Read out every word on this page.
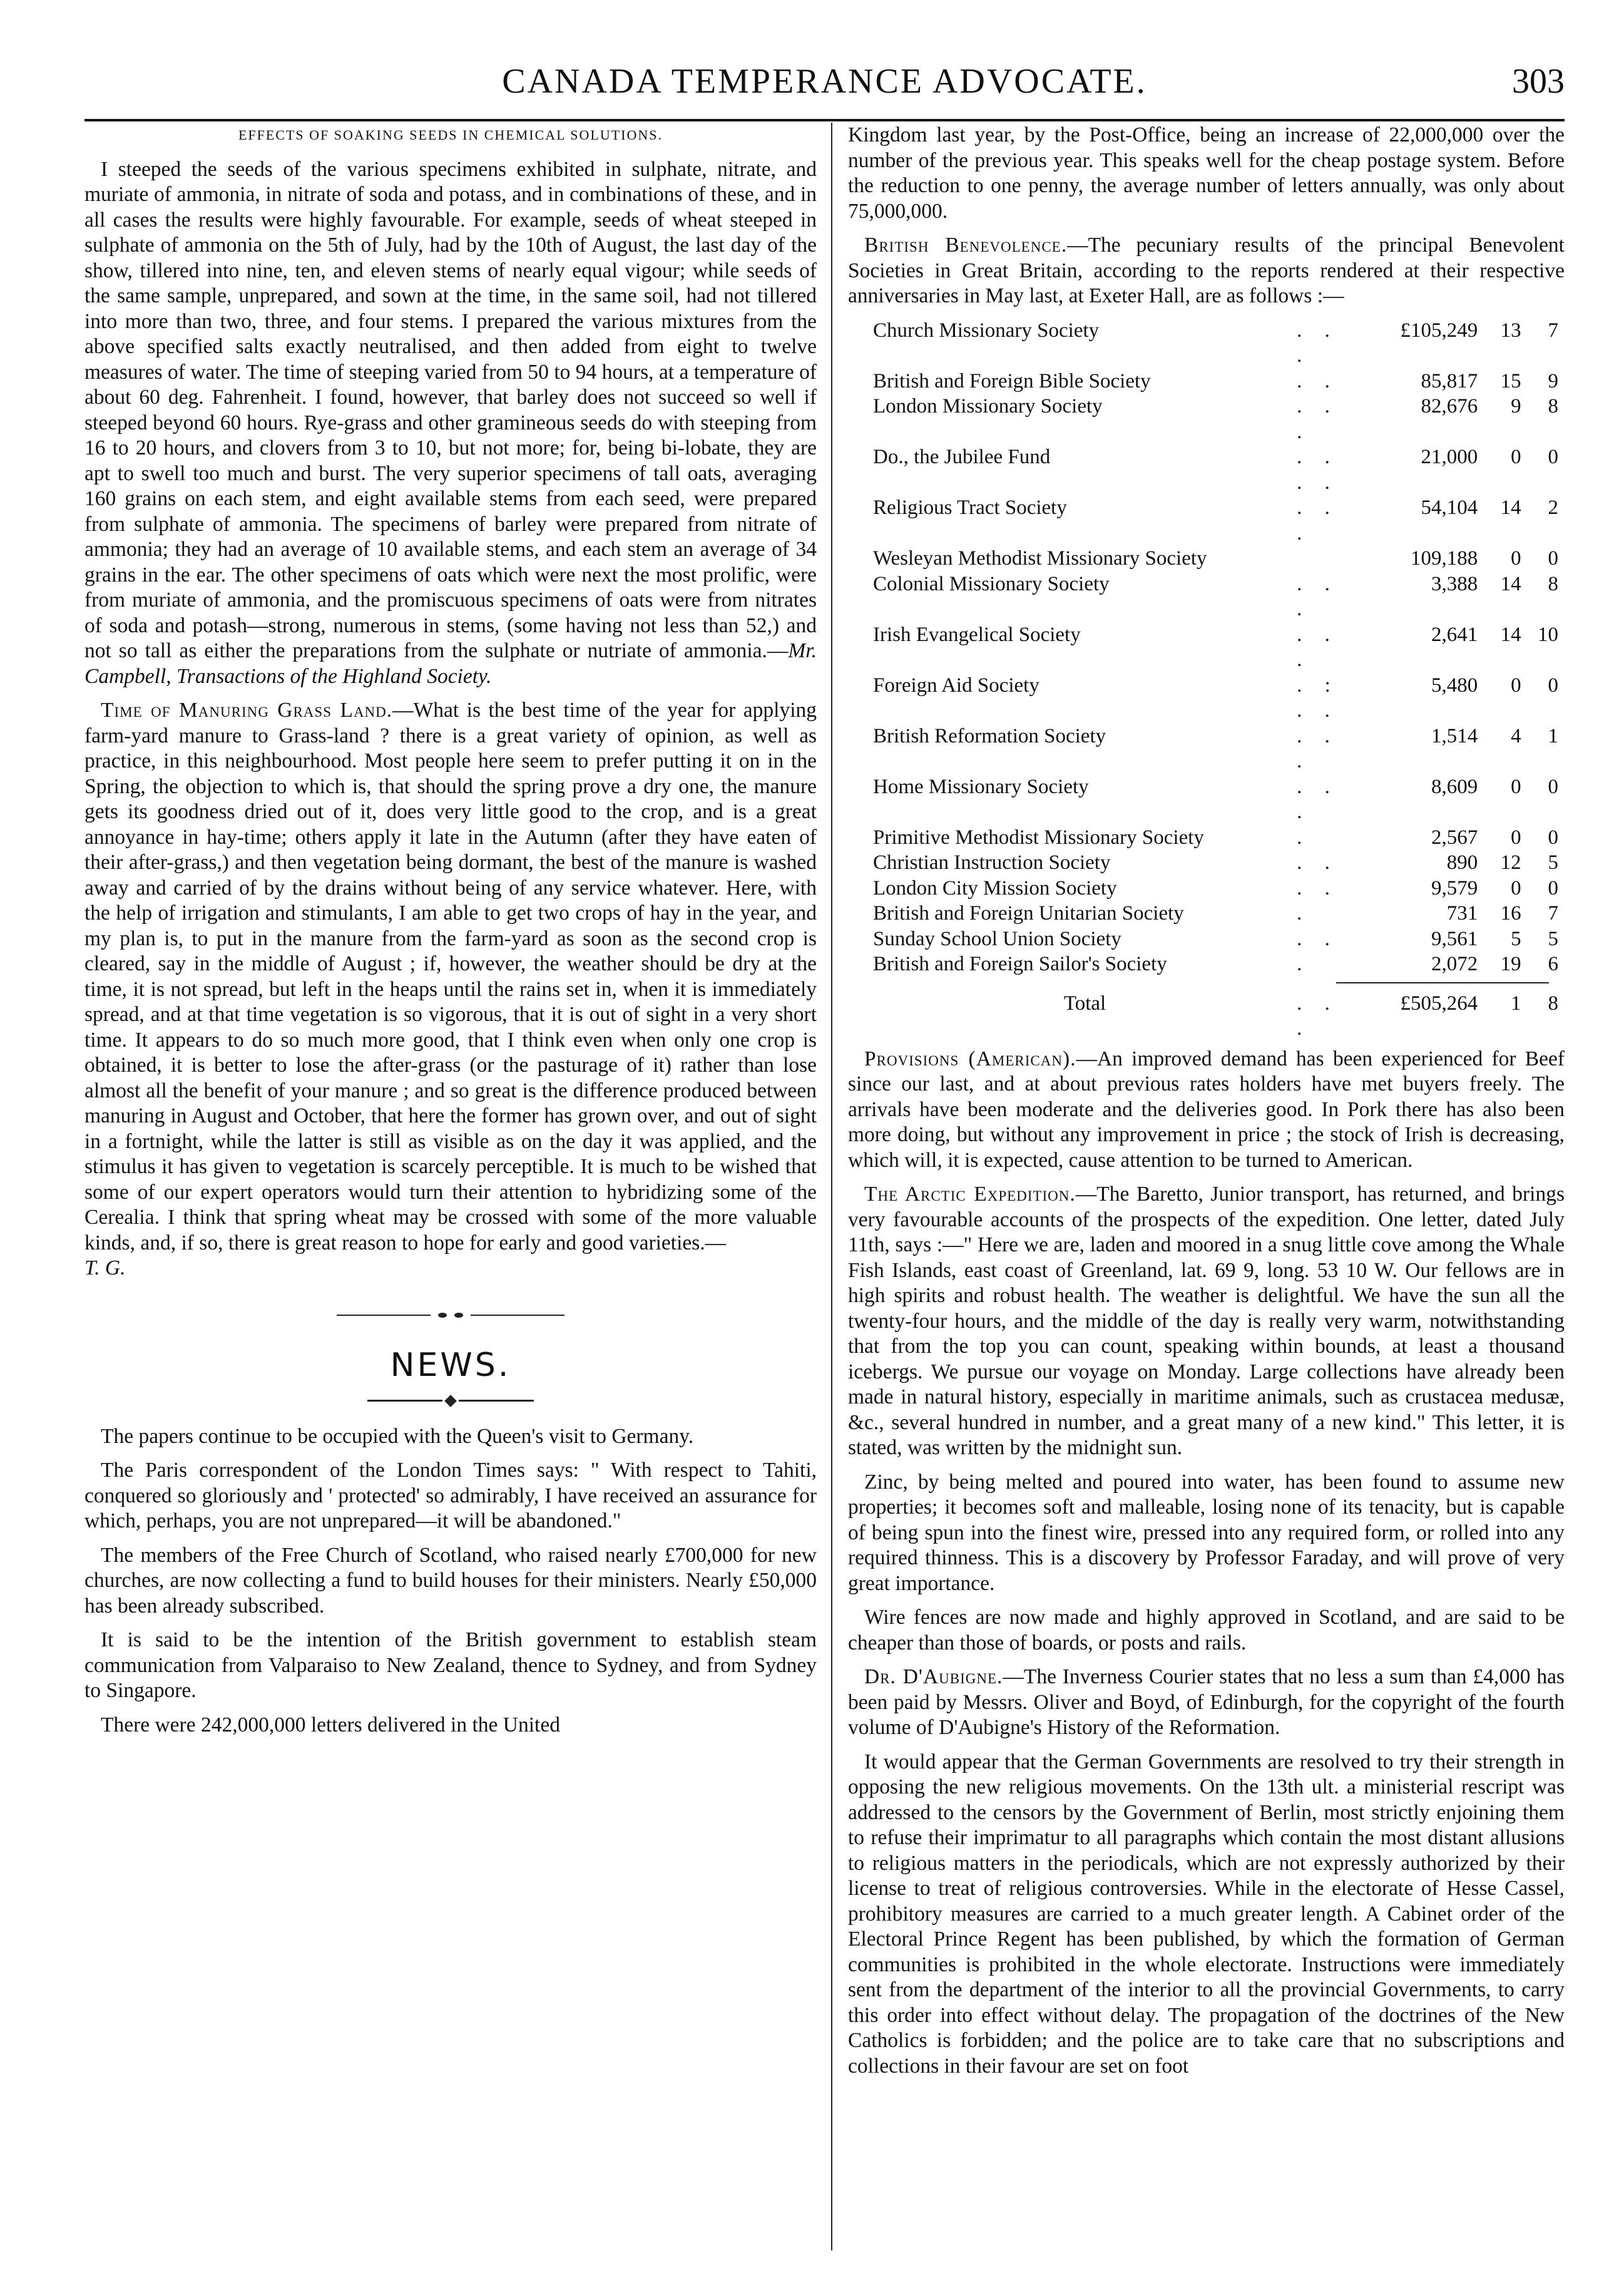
CANADA TEMPERANCE ADVOCATE.	303

EFFECTS OF SOAKING SEEDS IN CHEMICAL SOLUTIONS.

I steeped the seeds of the various specimens exhibited in sulphate, nitrate, and muriate of ammonia, in nitrate of soda and potass, and in combinations of these, and in all cases the results were highly favourable. For example, seeds of wheat steeped in sulphate of ammonia on the 5th of July, had by the 10th of August, the last day of the show, tillered into nine, ten, and eleven stems of nearly equal vigour; while seeds of the same sample, unprepared, and sown at the time, in the same soil, had not tillered into more than two, three, and four stems. I prepared the various mixtures from the above specified salts exactly neutralised, and then added from eight to twelve measures of water. The time of steeping varied from 50 to 94 hours, at a temperature of about 60 deg. Fahrenheit. I found, however, that barley does not succeed so well if steeped beyond 60 hours. Rye-grass and other gramineous seeds do with steeping from 16 to 20 hours, and clovers from 3 to 10, but not more; for, being bi-lobate, they are apt to swell too much and burst. The very superior specimens of tall oats, averaging 160 grains on each stem, and eight available stems from each seed, were prepared from sulphate of ammonia. The specimens of barley were prepared from nitrate of ammonia; they had an average of 10 available stems, and each stem an average of 34 grains in the ear. The other specimens of oats which were next the most prolific, were from muriate of ammonia, and the promiscuous specimens of oats were from nitrates of soda and potash—strong, numerous in stems, (some having not less than 52,) and not so tall as either the preparations from the sulphate or nutriate of ammonia.—Mr. Campbell, Transactions of the Highland Society.

Time of Manuring Grass Land.—What is the best time of the year for applying farm-yard manure to Grass-land ? there is a great variety of opinion, as well as practice, in this neighbourhood. Most people here seem to prefer putting it on in the Spring, the objection to which is, that should the spring prove a dry one, the manure gets its goodness dried out of it, does very little good to the crop, and is a great annoyance in hay-time; others apply it late in the Autumn (after they have eaten of their after-grass,) and then vegetation being dormant, the best of the manure is washed away and carried of by the drains without being of any service whatever. Here, with the help of irrigation and stimulants, I am able to get two crops of hay in the year, and my plan is, to put in the manure from the farm-yard as soon as the second crop is cleared, say in the middle of August ; if, however, the weather should be dry at the time, it is not spread, but left in the heaps until the rains set in, when it is immediately spread, and at that time vegetation is so vigorous, that it is out of sight in a very short time. It appears to do so much more good, that I think even when only one crop is obtained, it is better to lose the after-grass (or the pasturage of it) rather than lose almost all the benefit of your manure ; and so great is the difference produced between manuring in August and October, that here the former has grown over, and out of sight in a fortnight, while the latter is still as visible as on the day it was applied, and the stimulus it has given to vegetation is scarcely perceptible. It is much to be wished that some of our expert operators would turn their attention to hybridizing some of the Cerealia. I think that spring wheat may be crossed with some of the more valuable kinds, and, if so, there is great reason to hope for early and good varieties.—
T. G.

NEWS.

The papers continue to be occupied with the Queen's visit to Germany.

The Paris correspondent of the London Times says: " With respect to Tahiti, conquered so gloriously and ' protected' so admirably, I have received an assurance for which, perhaps, you are not unprepared—it will be abandoned."

The members of the Free Church of Scotland, who raised nearly £700,000 for new churches, are now collecting a fund to build houses for their ministers. Nearly £50,000 has been already subscribed.

It is said to be the intention of the British government to establish steam communication from Valparaiso to New Zealand, thence to Sydney, and from Sydney to Singapore.

There were 242,000,000 letters delivered in the United

Kingdom last year, by the Post-Office, being an increase of 22,000,000 over the number of the previous year. This speaks well for the cheap postage system. Before the reduction to one penny, the average number of letters annually, was only about 75,000,000.

British Benevolence.—The pecuniary results of the principal Benevolent Societies in Great Britain, according to the reports rendered at their respective anniversaries in May last, at Exeter Hall, are as follows :—

Church Missionary Society	. . .	£105,249	13	7
British and Foreign Bible Society	. .	85,817	15	9
London Missionary Society	. . .	82,676	9	8
Do., the Jubilee Fund	. . . .	21,000	0	0
Religious Tract Society	. . .	54,104	14	2
Wesleyan Methodist Missionary Society		109,188	0	0
Colonial Missionary Society	. . .	3,388	14	8
Irish Evangelical Society	. . .	2,641	14	10
Foreign Aid Society	. : . .	5,480	0	0
British Reformation Society	. . .	1,514	4	1
Home Missionary Society	. . .	8,609	0	0
Primitive Methodist Missionary Society	.	2,567	0	0
Christian Instruction Society	. .	890	12	5
London City Mission Society	. .	9,579	0	0
British and Foreign Unitarian Society	.	731	16	7
Sunday School Union Society	. .	9,561	5	5
British and Foreign Sailor's Society	.	2,072	19	6
Total	. . .	£505,264	1	8

Provisions (American).—An improved demand has been experienced for Beef since our last, and at about previous rates holders have met buyers freely. The arrivals have been moderate and the deliveries good. In Pork there has also been more doing, but without any improvement in price ; the stock of Irish is decreasing, which will, it is expected, cause attention to be turned to American.

The Arctic Expedition.—The Baretto, Junior transport, has returned, and brings very favourable accounts of the prospects of the expedition. One letter, dated July 11th, says :—" Here we are, laden and moored in a snug little cove among the Whale Fish Islands, east coast of Greenland, lat. 69 9, long. 53 10 W. Our fellows are in high spirits and robust health. The weather is delightful. We have the sun all the twenty-four hours, and the middle of the day is really very warm, notwithstanding that from the top you can count, speaking within bounds, at least a thousand icebergs. We pursue our voyage on Monday. Large collections have already been made in natural history, especially in maritime animals, such as crustacea medusæ, &c., several hundred in number, and a great many of a new kind." This letter, it is stated, was written by the midnight sun.

Zinc, by being melted and poured into water, has been found to assume new properties; it becomes soft and malleable, losing none of its tenacity, but is capable of being spun into the finest wire, pressed into any required form, or rolled into any required thinness. This is a discovery by Professor Faraday, and will prove of very great importance.

Wire fences are now made and highly approved in Scotland, and are said to be cheaper than those of boards, or posts and rails.

Dr. D'Aubigne.—The Inverness Courier states that no less a sum than £4,000 has been paid by Messrs. Oliver and Boyd, of Edinburgh, for the copyright of the fourth volume of D'Aubigne's History of the Reformation.

It would appear that the German Governments are resolved to try their strength in opposing the new religious movements. On the 13th ult. a ministerial rescript was addressed to the censors by the Government of Berlin, most strictly enjoining them to refuse their imprimatur to all paragraphs which contain the most distant allusions to religious matters in the periodicals, which are not expressly authorized by their license to treat of religious controversies. While in the electorate of Hesse Cassel, prohibitory measures are carried to a much greater length. A Cabinet order of the Electoral Prince Regent has been published, by which the formation of German communities is prohibited in the whole electorate. Instructions were immediately sent from the department of the interior to all the provincial Governments, to carry this order into effect without delay. The propagation of the doctrines of the New Catholics is forbidden; and the police are to take care that no subscriptions and collections in their favour are set on foot
